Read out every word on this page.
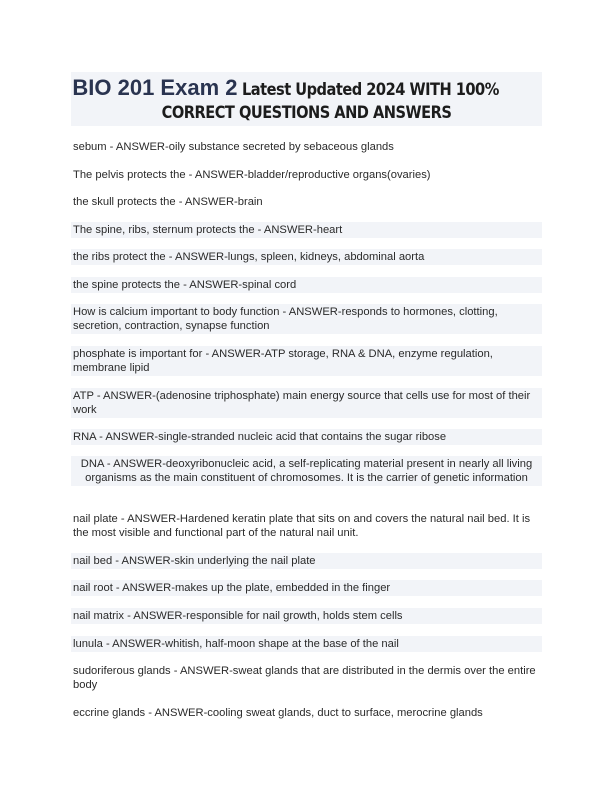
BIO 201 Exam 2 Latest Updated 2024 WITH 100%
CORRECT QUESTIONS AND ANSWERS
sebum - ANSWER-oily substance secreted by sebaceous glands
The pelvis protects the - ANSWER-bladder/reproductive organs(ovaries)
the skull protects the - ANSWER-brain
The spine, ribs, sternum protects the - ANSWER-heart
the ribs protect the - ANSWER-lungs, spleen, kidneys, abdominal aorta
the spine protects the - ANSWER-spinal cord
How is calcium important to body function - ANSWER-responds to hormones, clotting, secretion, contraction, synapse function
phosphate is important for - ANSWER-ATP storage, RNA & DNA, enzyme regulation, membrane lipid
ATP - ANSWER-(adenosine triphosphate) main energy source that cells use for most of their work
RNA - ANSWER-single-stranded nucleic acid that contains the sugar ribose
DNA - ANSWER-deoxyribonucleic acid, a self-replicating material present in nearly all living organisms as the main constituent of chromosomes. It is the carrier of genetic information
nail plate - ANSWER-Hardened keratin plate that sits on and covers the natural nail bed. It is the most visible and functional part of the natural nail unit.
nail bed - ANSWER-skin underlying the nail plate
nail root - ANSWER-makes up the plate, embedded in the finger
nail matrix - ANSWER-responsible for nail growth, holds stem cells
lunula - ANSWER-whitish, half-moon shape at the base of the nail
sudoriferous glands - ANSWER-sweat glands that are distributed in the dermis over the entire body
eccrine glands - ANSWER-cooling sweat glands, duct to surface, merocrine glands
